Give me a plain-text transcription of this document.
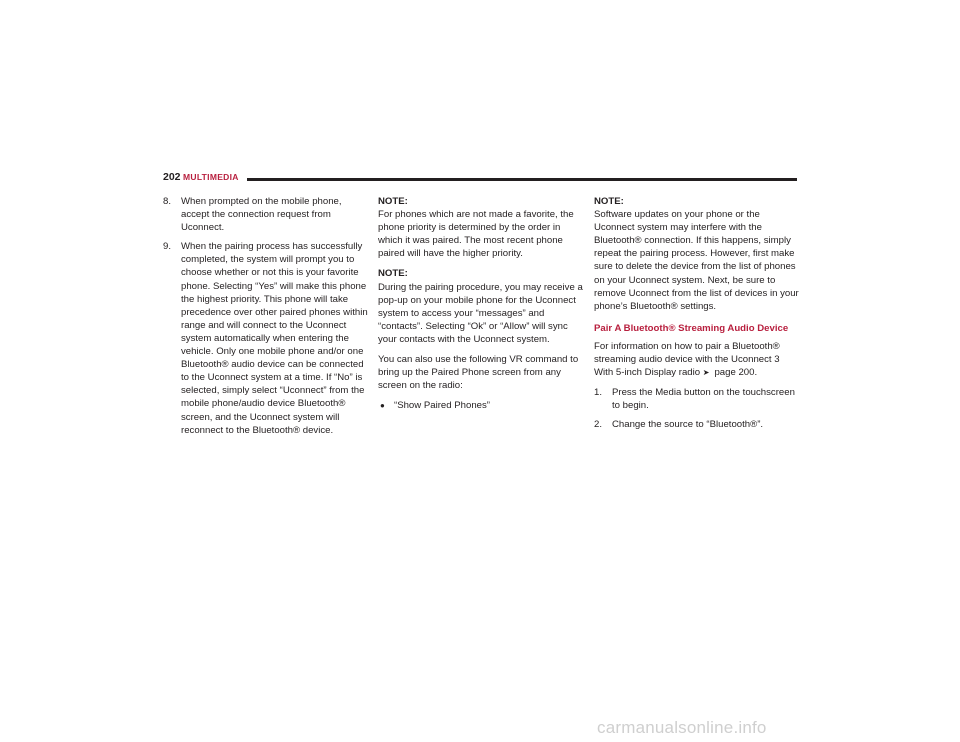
202 MULTIMEDIA
8.	When prompted on the mobile phone, accept the connection request from Uconnect.
9.	When the pairing process has successfully completed, the system will prompt you to choose whether or not this is your favorite phone. Selecting “Yes” will make this phone the highest priority. This phone will take precedence over other paired phones within range and will connect to the Uconnect system automatically when entering the vehicle. Only one mobile phone and/or one Bluetooth® audio device can be connected to the Uconnect system at a time. If “No” is selected, simply select “Uconnect” from the mobile phone/audio device Bluetooth® screen, and the Uconnect system will reconnect to the Bluetooth® device.
NOTE:

For phones which are not made a favorite, the phone priority is determined by the order in which it was paired. The most recent phone paired will have the higher priority.

NOTE:

During the pairing procedure, you may receive a pop-up on your mobile phone for the Uconnect system to access your “messages” and “contacts”. Selecting “Ok” or “Allow” will sync your contacts with the Uconnect system.

You can also use the following VR command to bring up the Paired Phone screen from any screen on the radio:

● “Show Paired Phones”
NOTE:

Software updates on your phone or the Uconnect system may interfere with the Bluetooth® connection. If this happens, simply repeat the pairing process. However, first make sure to delete the device from the list of phones on your Uconnect system. Next, be sure to remove Uconnect from the list of devices in your phone’s Bluetooth® settings.

Pair A Bluetooth® Streaming Audio Device

For information on how to pair a Bluetooth® streaming audio device with the Uconnect 3 With 5-inch Display radio ➤ page 200.

1.	Press the Media button on the touchscreen to begin.
2.	Change the source to “Bluetooth®”.
carmanualsonline.info
